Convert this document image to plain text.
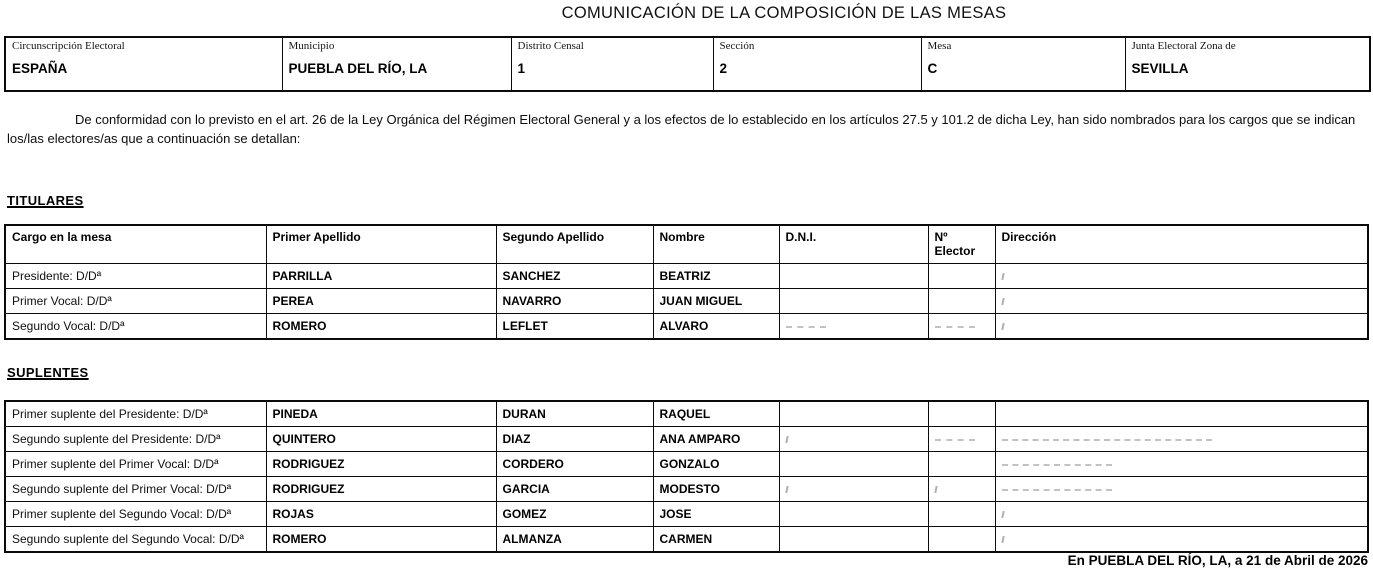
COMUNICACIÓN DE LA COMPOSICIÓN DE LAS MESAS
Circunscripción Electoral
ESPAÑA

Municipio
PUEBLA DEL RÍO, LA

Distrito Censal
1

Sección
2

Mesa
C

Junta Electoral Zona de
SEVILLA
De conformidad con lo previsto en el art. 26 de la Ley Orgánica del Régimen Electoral General y a los efectos de lo establecido en los artículos 27.5 y 101.2 de dicha Ley, han sido nombrados para los cargos que se indican los/las electores/as que a continuación se detallan:
TITULARES
Cargo en la mesa	Primer Apellido	Segundo Apellido	Nombre	D.N.I.	Nº Elector	Dirección
Presidente: D/Dª	PARRILLA	SANCHEZ	BEATRIZ			
Primer Vocal: D/Dª	PEREA	NAVARRO	JUAN MIGUEL			
Segundo Vocal: D/Dª	ROMERO	LEFLET	ALVARO			
SUPLENTES
Primer suplente del Presidente: D/Dª	PINEDA	DURAN	RAQUEL			
Segundo suplente del Presidente: D/Dª	QUINTERO	DIAZ	ANA AMPARO			
Primer suplente del Primer Vocal: D/Dª	RODRIGUEZ	CORDERO	GONZALO			
Segundo suplente del Primer Vocal: D/Dª	RODRIGUEZ	GARCIA	MODESTO			
Primer suplente del Segundo Vocal: D/Dª	ROJAS	GOMEZ	JOSE			
Segundo suplente del Segundo Vocal: D/Dª	ROMERO	ALMANZA	CARMEN			
En PUEBLA DEL RÍO, LA, a 21 de Abril de 2026
